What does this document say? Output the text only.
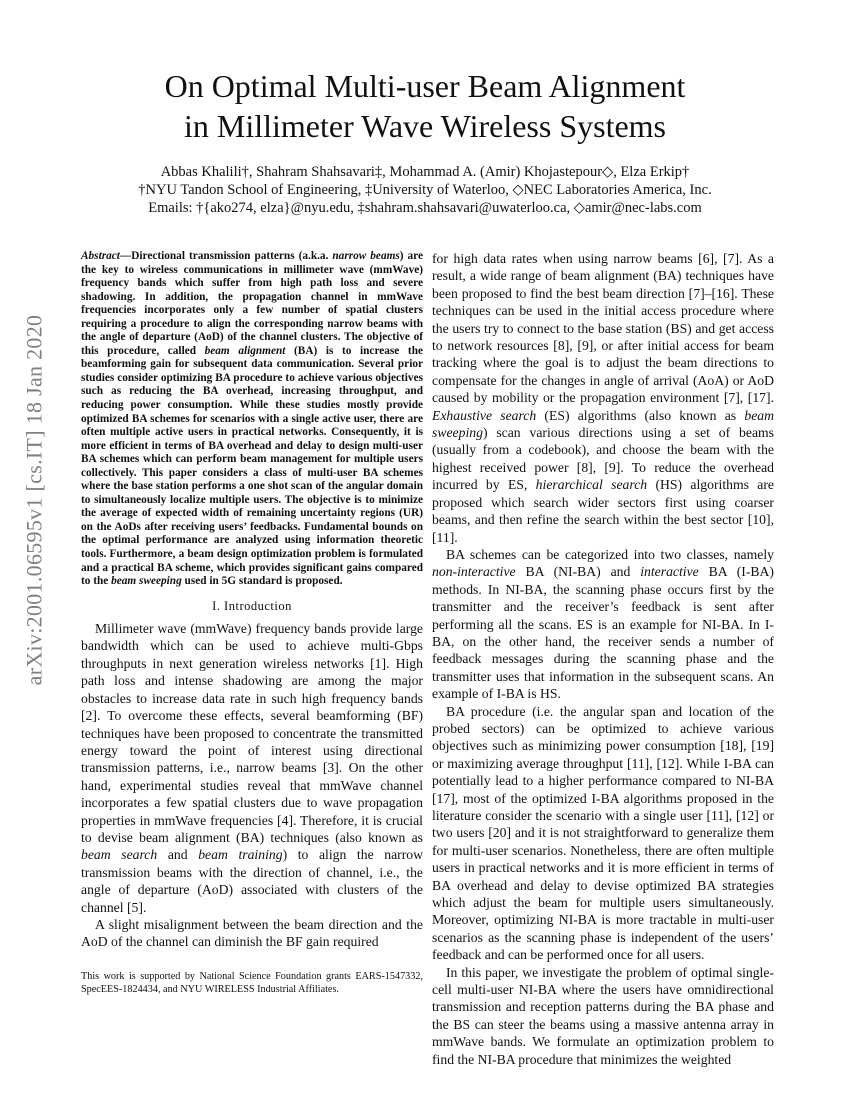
arXiv:2001.06595v1 [cs.IT] 18 Jan 2020
On Optimal Multi-user Beam Alignment
in Millimeter Wave Wireless Systems
Abbas Khalili†, Shahram Shahsavari‡, Mohammad A. (Amir) Khojastepour◇, Elza Erkip†
†NYU Tandon School of Engineering, ‡University of Waterloo, ◇NEC Laboratories America, Inc.
Emails: †{ako274, elza}@nyu.edu, ‡shahram.shahsavari@uwaterloo.ca, ◇amir@nec-labs.com

Abstract—Directional transmission patterns (a.k.a. narrow beams) are the key to wireless communications in millimeter wave (mmWave) frequency bands which suffer from high path loss and severe shadowing. In addition, the propagation channel in mmWave frequencies incorporates only a few number of spatial clusters requiring a procedure to align the corresponding narrow beams with the angle of departure (AoD) of the channel clusters. The objective of this procedure, called beam alignment (BA) is to increase the beamforming gain for subsequent data communication. Several prior studies consider optimizing BA procedure to achieve various objectives such as reducing the BA overhead, increasing throughput, and reducing power consumption. While these studies mostly provide optimized BA schemes for scenarios with a single active user, there are often multiple active users in practical networks. Consequently, it is more efficient in terms of BA overhead and delay to design multi-user BA schemes which can perform beam management for multiple users collectively. This paper considers a class of multi-user BA schemes where the base station performs a one shot scan of the angular domain to simultaneously localize multiple users. The objective is to minimize the average of expected width of remaining uncertainty regions (UR) on the AoDs after receiving users’ feedbacks. Fundamental bounds on the optimal performance are analyzed using information theoretic tools. Furthermore, a beam design optimization problem is formulated and a practical BA scheme, which provides significant gains compared to the beam sweeping used in 5G standard is proposed.

I. Introduction

Millimeter wave (mmWave) frequency bands provide large bandwidth which can be used to achieve multi-Gbps throughputs in next generation wireless networks [1]. High path loss and intense shadowing are among the major obstacles to increase data rate in such high frequency bands [2]. To overcome these effects, several beamforming (BF) techniques have been proposed to concentrate the transmitted energy toward the point of interest using directional transmission patterns, i.e., narrow beams [3]. On the other hand, experimental studies reveal that mmWave channel incorporates a few spatial clusters due to wave propagation properties in mmWave frequencies [4]. Therefore, it is crucial to devise beam alignment (BA) techniques (also known as beam search and beam training) to align the narrow transmission beams with the direction of channel, i.e., the angle of departure (AoD) associated with clusters of the channel [5].

A slight misalignment between the beam direction and the AoD of the channel can diminish the BF gain required

This work is supported by National Science Foundation grants EARS-1547332, SpecEES-1824434, and NYU WIRELESS Industrial Affiliates.

for high data rates when using narrow beams [6], [7]. As a result, a wide range of beam alignment (BA) techniques have been proposed to find the best beam direction [7]–[16]. These techniques can be used in the initial access procedure where the users try to connect to the base station (BS) and get access to network resources [8], [9], or after initial access for beam tracking where the goal is to adjust the beam directions to compensate for the changes in angle of arrival (AoA) or AoD caused by mobility or the propagation environment [7], [17]. Exhaustive search (ES) algorithms (also known as beam sweeping) scan various directions using a set of beams (usually from a codebook), and choose the beam with the highest received power [8], [9]. To reduce the overhead incurred by ES, hierarchical search (HS) algorithms are proposed which search wider sectors first using coarser beams, and then refine the search within the best sector [10], [11].

BA schemes can be categorized into two classes, namely non-interactive BA (NI-BA) and interactive BA (I-BA) methods. In NI-BA, the scanning phase occurs first by the transmitter and the receiver’s feedback is sent after performing all the scans. ES is an example for NI-BA. In I-BA, on the other hand, the receiver sends a number of feedback messages during the scanning phase and the transmitter uses that information in the subsequent scans. An example of I-BA is HS.

BA procedure (i.e. the angular span and location of the probed sectors) can be optimized to achieve various objectives such as minimizing power consumption [18], [19] or maximizing average throughput [11], [12]. While I-BA can potentially lead to a higher performance compared to NI-BA [17], most of the optimized I-BA algorithms proposed in the literature consider the scenario with a single user [11], [12] or two users [20] and it is not straightforward to generalize them for multi-user scenarios. Nonetheless, there are often multiple users in practical networks and it is more efficient in terms of BA overhead and delay to devise optimized BA strategies which adjust the beam for multiple users simultaneously. Moreover, optimizing NI-BA is more tractable in multi-user scenarios as the scanning phase is independent of the users’ feedback and can be performed once for all users.

In this paper, we investigate the problem of optimal single-cell multi-user NI-BA where the users have omnidirectional transmission and reception patterns during the BA phase and the BS can steer the beams using a massive antenna array in mmWave bands. We formulate an optimization problem to find the NI-BA procedure that minimizes the weighted
